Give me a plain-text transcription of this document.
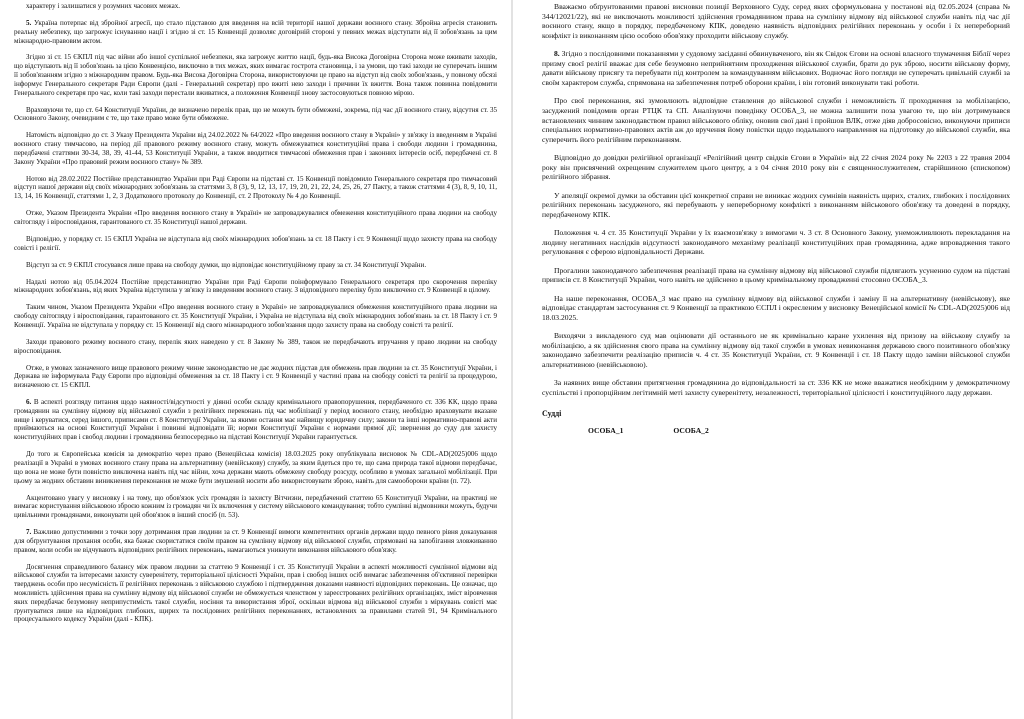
характеру і залишатися у розумних часових межах.

5. Україна потерпає від збройної агресії, що стало підставою для введення на всій території нашої держави воєнного стану. Збройна агресія становить реальну небезпеку, що загрожує існуванню нації і згідно зі ст. 15 Конвенції дозволяє договірній стороні у певних межах відступати від її зобов'язань за цим міжнародно-правовим актом.

Згідно зі ст. 15 ЄКПЛ під час війни або іншої суспільної небезпеки, яка загрожує життю нації, будь-яка Висока Договірна Сторона може вживати заходів, що відступають від її зобов'язань за цією Конвенцією, виключно в тих межах, яких вимагає гострота становища, і за умови, що такі заходи не суперечать іншим її зобов'язанням згідно з міжнародним правом. Будь-яка Висока Договірна Сторона, використовуючи це право на відступ від своїх зобов'язань, у повному обсязі інформує Генерального секретаря Ради Європи (далі - Генеральний секретар) про вжиті нею заходи і причини їх вжиття. Вона також повинна повідомити Генерального секретаря про час, коли такі заходи перестали вживатися, а положення Конвенції знову застосовуються повною мірою.

Враховуючи те, що ст. 64 Конституції України, де визначено перелік прав, що не можуть бути обмежені, зокрема, під час дії воєнного стану, відсутня ст. 35 Основного Закону, очевидним є те, що таке право може бути обмежене.

Натомість відповідно до ст. 3 Указу Президента України від 24.02.2022 № 64/2022 «Про введення воєнного стану в Україні» у зв'язку із введенням в Україні воєнного стану тимчасово, на період дії правового режиму воєнного стану, можуть обмежуватися конституційні права і свободи людини і громадянина, передбачені статтями 30-34, 38, 39, 41-44, 53 Конституції України, а також вводитися тимчасові обмеження прав і законних інтересів осіб, передбачені ст. 8 Закону України «Про правовий режим воєнного стану» № 389.

Нотою від 28.02.2022 Постійне представництво України при Раді Європи на підставі ст. 15 Конвенції повідомило Генерального секретаря про тимчасовий відступ нашої держави від своїх міжнародних зобов'язань за статтями 3, 8 (3), 9, 12, 13, 17, 19, 20, 21, 22, 24, 25, 26, 27 Пакту, а також статтями 4 (3), 8, 9, 10, 11, 13, 14, 16 Конвенції, статтями 1, 2, 3 Додаткового протоколу до Конвенції, ст. 2 Протоколу № 4 до Конвенції.

Отже, Указом Президента України «Про введення воєнного стану в Україні» не запроваджувалися обмеження конституційного права людини на свободу світогляду і віросповідання, гарантованого ст. 35 Конституції нашої держави.

Відповідно, у порядку ст. 15 ЄКПЛ Україна не відступала від своїх міжнародних зобов'язань за ст. 18 Пакту і ст. 9 Конвенції щодо захисту права на свободу совісті і релігії.

Відступ за ст. 9 ЄКПЛ стосувався лише права на свободу думки, що відповідає конституційному праву за ст. 34 Конституції України.

Надалі нотою від 05.04.2024 Постійне представництво України при Раді Європи поінформувало Генерального секретаря про скорочення переліку міжнародних зобов'язань, від яких Україна відступила у зв'язку із введенням воєнного стану. З відповідного переліку було виключено ст. 9 Конвенції в цілому.

Таким чином, Указом Президента України «Про введення воєнного стану в Україні» не запроваджувалися обмеження конституційного права людини на свободу світогляду і віросповідання, гарантованого ст. 35 Конституції України, і Україна не відступала від своїх міжнародних зобов'язань за ст. 18 Пакту і ст. 9 Конвенції. Україна не відступала у порядку ст. 15 Конвенції від свого міжнародного зобов'язання щодо захисту права на свободу совісті та релігії.

Заходи правового режиму воєнного стану, перелік яких наведено у ст. 8 Закону № 389, також не передбачають втручання у право людини на свободу віросповідання.

Отже, в умовах зазначеного вище правового режиму чинне законодавство не дає жодних підстав для обмежень прав людини за ст. 35 Конституції України, і Держава не інформувала Раду Європи про відповідні обмеження за ст. 18 Пакту і ст. 9 Конвенції у частині права на свободу совісті та релігії за процедурою, визначеною ст. 15 ЄКПЛ.

6. В аспекті розгляду питання щодо наявності/відсутності у діянні особи складу кримінального правопорушення, передбаченого ст. 336 КК, щодо права громадянин на сумлінну відмову від військової служби з релігійних переконань під час мобілізації у період воєнного стану, необхідно враховувати вказане вище і керуватися, серед іншого, приписами ст. 8 Конституції України, за якими остання має найвищу юридичну силу; закони та інші нормативно-правові акти приймаються на основі Конституції України і повинні відповідати їй; норми Конституції України є нормами прямої дії; звернення до суду для захисту конституційних прав і свобод людини і громадянина безпосередньо на підставі Конституції України гарантується.

До того ж Європейська комісія за демократію через право (Венеційська комісія) 18.03.2025 року опублікувала висновок № CDL-AD(2025)006 щодо реалізації в Україні в умовах воєнного стану права на альтернативну (невійськову) службу, за яким йдеться про те, що сама природа такої відмови передбачає, що вона не може бути повністю виключена навіть під час війни, хоча держави мають обмежену свободу розсуду, особливо в умовах загальної мобілізації. При цьому за жодних обставин виникнення переконання не може бути змушений носити або використовувати зброю, навіть для самооборони країни (п. 72).

Акцентовано увагу у висновку і на тому, що обов'язок усіх громадян із захисту Вітчизни, передбачений статтею 65 Конституції України, на практиці не вимагає користування військовою зброєю кожним із громадян чи їх включення у систему військового командування; тобто сумлінні відмовники можуть, будучи цивільними громадянами, виконувати цей обов'язок в інший спосіб (п. 53).

7. Важливо допустимими з точки зору дотримання прав людини за ст. 9 Конвенції вимоги компетентних органів держави щодо певного рівня доказування для обґрунтування прохання особи, яка бажає скористатися своїм правом на сумлінну відмову від військової служби, спрямовані на запобігання зловживанню правом, коли особи не відчувають відповідних релігійних переконань, намагаються уникнути виконання військового обов'язку.

Досягнення справедливого балансу між правом людини за статтею 9 Конвенції і ст. 35 Конституції України в аспекті можливості сумлінної відмови від військової служби та інтересами захисту суверенітету, територіальної цілісності України, прав і свобод інших осіб вимагає забезпечення об'єктивної перевірки тверджень особи про несумісність її релігійних переконань з військовою службою і підтвердження доказами наявності відповідних переконань. Це означає, що можливість здійснення права на сумлінну відмову від військової служби не обмежується членством у зареєстрованих релігійних організаціях, зміст віровчення яких передбачає безумовну неприпустимість такої служби, носіння та використання зброї, оскільки відмова від військової служби з міркувань совісті має ґрунтуватися лише на відповідних глибоких, щирих та послідовних релігійних переконаннях, встановлених за правилами статей 91, 94 Кримінального процесуального кодексу України (далі - КПК).

Вважаємо обґрунтованими правові висновки позиції Верховного Суду, серед яких сформульована у постанові від 02.05.2024 (справа № 344/12021/22), які не виключають можливості здійснення громадянином права на сумлінну відмову від військової служби навіть під час дії воєнного стану, якщо в порядку, передбаченому КПК, доведено наявність відповідних релігійних переконань у особи і їх непереборний конфлікт із виконанням цією особою обов'язку проходити військову службу.

8. Згідно з послідовними показаннями у судовому засіданні обвинуваченого, він як Свідок Єгови на основі власного тлумачення Біблії через призму своєї релігії вважає для себе безумовно неприйнятним проходження військової служби, брати до рук зброю, носити військову форму, давати військову присягу та перебувати під контролем за командуванням військових. Водночас його погляди не суперечать цивільній службі за своїм характером служба, спрямована на забезпечення потреб оборони країни, і він готовий виконувати такі роботи.

Про свої переконання, які зумовлюють відповідне ставлення до військової служби і неможливість її проходження за мобілізацією, засуджений повідомив орган РТЦК та СП. Аналізуючи поведінку ОСОБА_3, не можна залишити поза увагою те, що він дотримувався встановлених чинним законодавством правил військового обліку, оновив свої дані і пройшов ВЛК, отже діяв добросовісно, виконуючи приписи спеціальних нормативно-правових актів аж до вручення йому повістки щодо подальшого направлення на підготовку до військової служби, яка суперечить його релігійним переконанням.

Відповідно до довідки релігійної організації «Релігійний центр свідків Єгови в Україні» від 22 січня 2024 року № 2203 з 22 травня 2004 року він присвячений охрещеним служителем цього центру, а з 04 січня 2010 року він є священнослужителем, старійшиною (єпископом) релігійного зібрання.

У апеляції окремої думки за обставин цієї конкретної справи не виникає жодних сумнівів наявність щирих, сталих, глибоких і послідовних релігійних переконань засудженого, які перебувають у непереборному конфлікті з виконанням військового обов'язку та доведені в порядку, передбаченому КПК.

Положення ч. 4 ст. 35 Конституції України у їх взаємозв'язку з вимогами ч. 3 ст. 8 Основного Закону, унеможливлюють перекладання на людину негативних наслідків відсутності законодавчого механізму реалізації конституційних прав громадянина, адже впровадження такого регулювання є сферою відповідальності Держави.

Прогалини законодавчого забезпечення реалізації права на сумлінну відмову від військової служби підлягають усуненню судом на підставі приписів ст. 8 Конституції України, чого навіть не здійснено в цьому кримінальному провадженні стосовно ОСОБА_3.

На наше переконання, ОСОБА_3 має право на сумлінну відмову від військової служби і заміну її на альтернативну (невійськову), яке відповідає стандартам застосування ст. 9 Конвенції за практикою ЄСПЛ і окресленим у висновку Венеційської комісії № CDL-AD(2025)006 від 18.03.2025.

Виходячи з викладеного суд мав оцінювати дії останнього не як кримінально каране ухилення від призову на військову службу за мобілізацією, а як здійснення свого права на сумлінну відмову від такої служби в умовах невиконання державою свого позитивного обов'язку законодавчо забезпечити реалізацію приписів ч. 4 ст. 35 Конституції України, ст. 9 Конвенції і ст. 18 Пакту щодо заміни військової служби альтернативною (невійськовою).

За наявних вище обставин притягнення громадянина до відповідальності за ст. 336 КК не може вважатися необхідним у демократичному суспільстві і пропорційним легітимній меті захисту суверенітету, незалежності, територіальної цілісності і конституційного ладу держави.

Судді
ОСОБА_1	ОСОБА_2
